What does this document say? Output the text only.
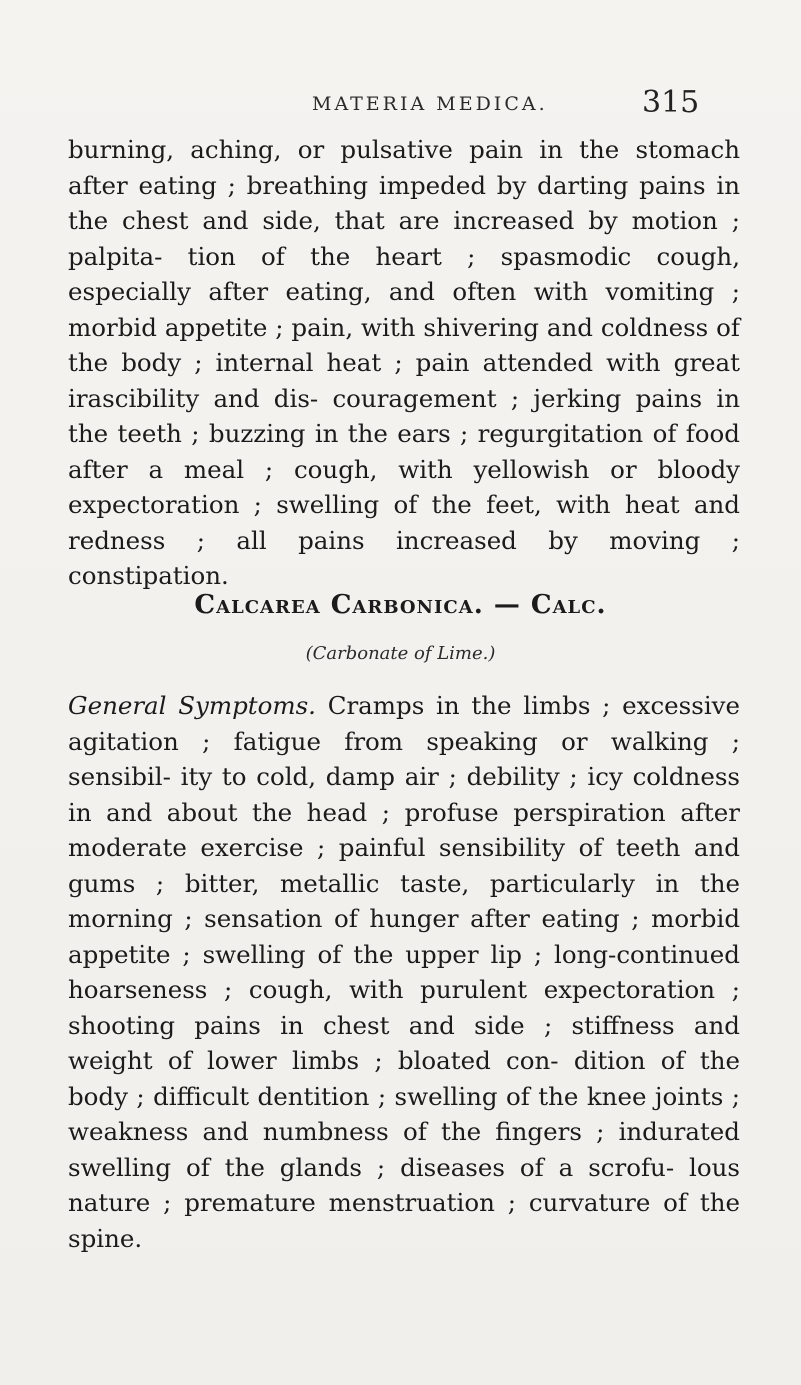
MATERIA MEDICA.	315

burning, aching, or pulsative pain in the stomach after eating ; breathing impeded by darting pains in the chest and side, that are increased by motion ; palpita- tion of the heart ; spasmodic cough, especially after eating, and often with vomiting ; morbid appetite ; pain, with shivering and coldness of the body ; internal heat ; pain attended with great irascibility and dis- couragement ; jerking pains in the teeth ; buzzing in the ears ; regurgitation of food after a meal ; cough, with yellowish or bloody expectoration ; swelling of the feet, with heat and redness ; all pains increased by moving ; constipation.

Calcarea Carbonica. — Calc.
(Carbonate of Lime.)

General Symptoms. Cramps in the limbs ; excessive agitation ; fatigue from speaking or walking ; sensibil- ity to cold, damp air ; debility ; icy coldness in and about the head ; profuse perspiration after moderate exercise ; painful sensibility of teeth and gums ; bitter, metallic taste, particularly in the morning ; sensation of hunger after eating ; morbid appetite ; swelling of the upper lip ; long-continued hoarseness ; cough, with purulent expectoration ; shooting pains in chest and side ; stiffness and weight of lower limbs ; bloated con- dition of the body ; difficult dentition ; swelling of the knee joints ; weakness and numbness of the fingers ; indurated swelling of the glands ; diseases of a scrofu- lous nature ; premature menstruation ; curvature of the spine.
